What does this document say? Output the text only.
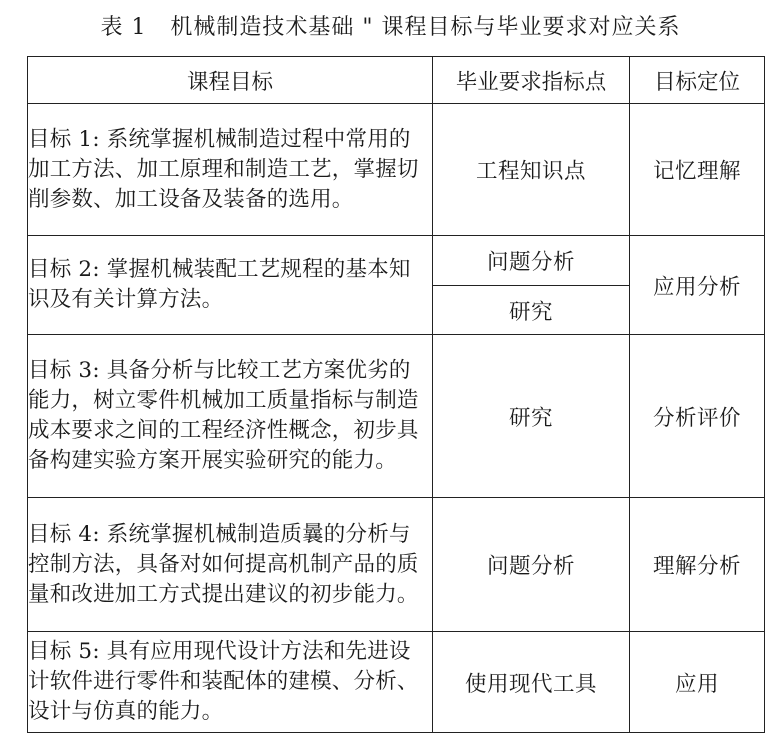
表 1   机械制造技术基础 " 课程目标与毕业要求对应关系
课程目标	毕业要求指标点	目标定位
目标 1: 系统掌握机械制造过程中常用的加工方法、加工原理和制造工艺，掌握切削参数、加工设备及装备的选用。	工程知识点	记忆理解
目标 2: 掌握机械装配工艺规程的基本知识及有关计算方法。	问题分析	应用分析
	研究	
目标 3: 具备分析与比较工艺方案优劣的能力，树立零件机械加工质量指标与制造成本要求之间的工程经济性概念，初步具备构建实验方案开展实验研究的能力。	研究	分析评价
目标 4: 系统掌握机械制造质曩的分析与控制方法，具备对如何提高机制产品的质量和改进加工方式提出建议的初步能力。	问题分析	理解分析
目标 5: 具有应用现代设计方法和先进设计软件进行零件和装配体的建模、分析、设计与仿真的能力。	使用现代工具	应用
